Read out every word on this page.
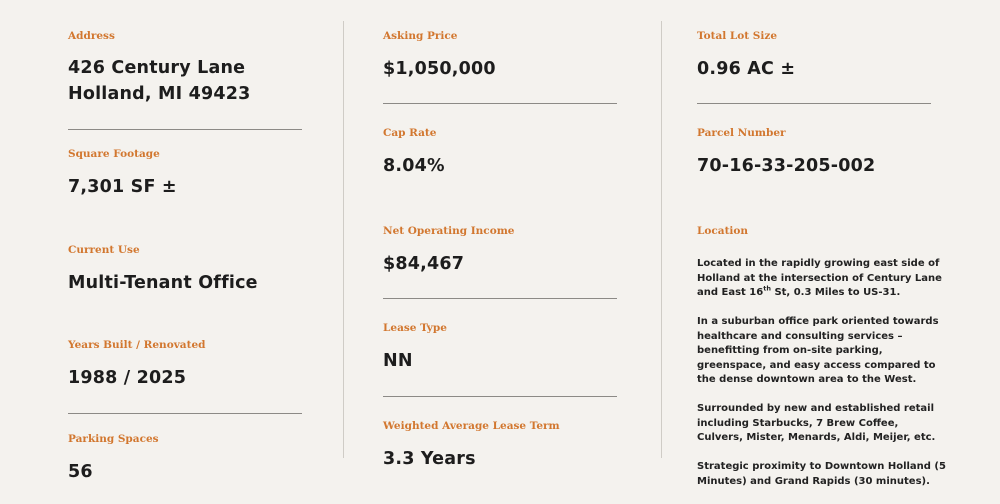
Address
426 Century Lane
Holland, MI 49423
Square Footage
7,301 SF ±
Current Use
Multi-Tenant Office
Years Built / Renovated
1988 / 2025
Parking Spaces
56
Asking Price
$1,050,000
Cap Rate
8.04%
Net Operating Income
$84,467
Lease Type
NN
Weighted Average Lease Term
3.3 Years
Total Lot Size
0.96 AC ±
Parcel Number
70-16-33-205-002
Location

Located in the rapidly growing east side of Holland at the intersection of Century Lane and East 16th St, 0.3 Miles to US-31.

In a suburban office park oriented towards healthcare and consulting services – benefitting from on-site parking, greenspace, and easy access compared to the dense downtown area to the West.

Surrounded by new and established retail including Starbucks, 7 Brew Coffee, Culvers, Mister, Menards, Aldi, Meijer, etc.

Strategic proximity to Downtown Holland (5 Minutes) and Grand Rapids (30 minutes).
